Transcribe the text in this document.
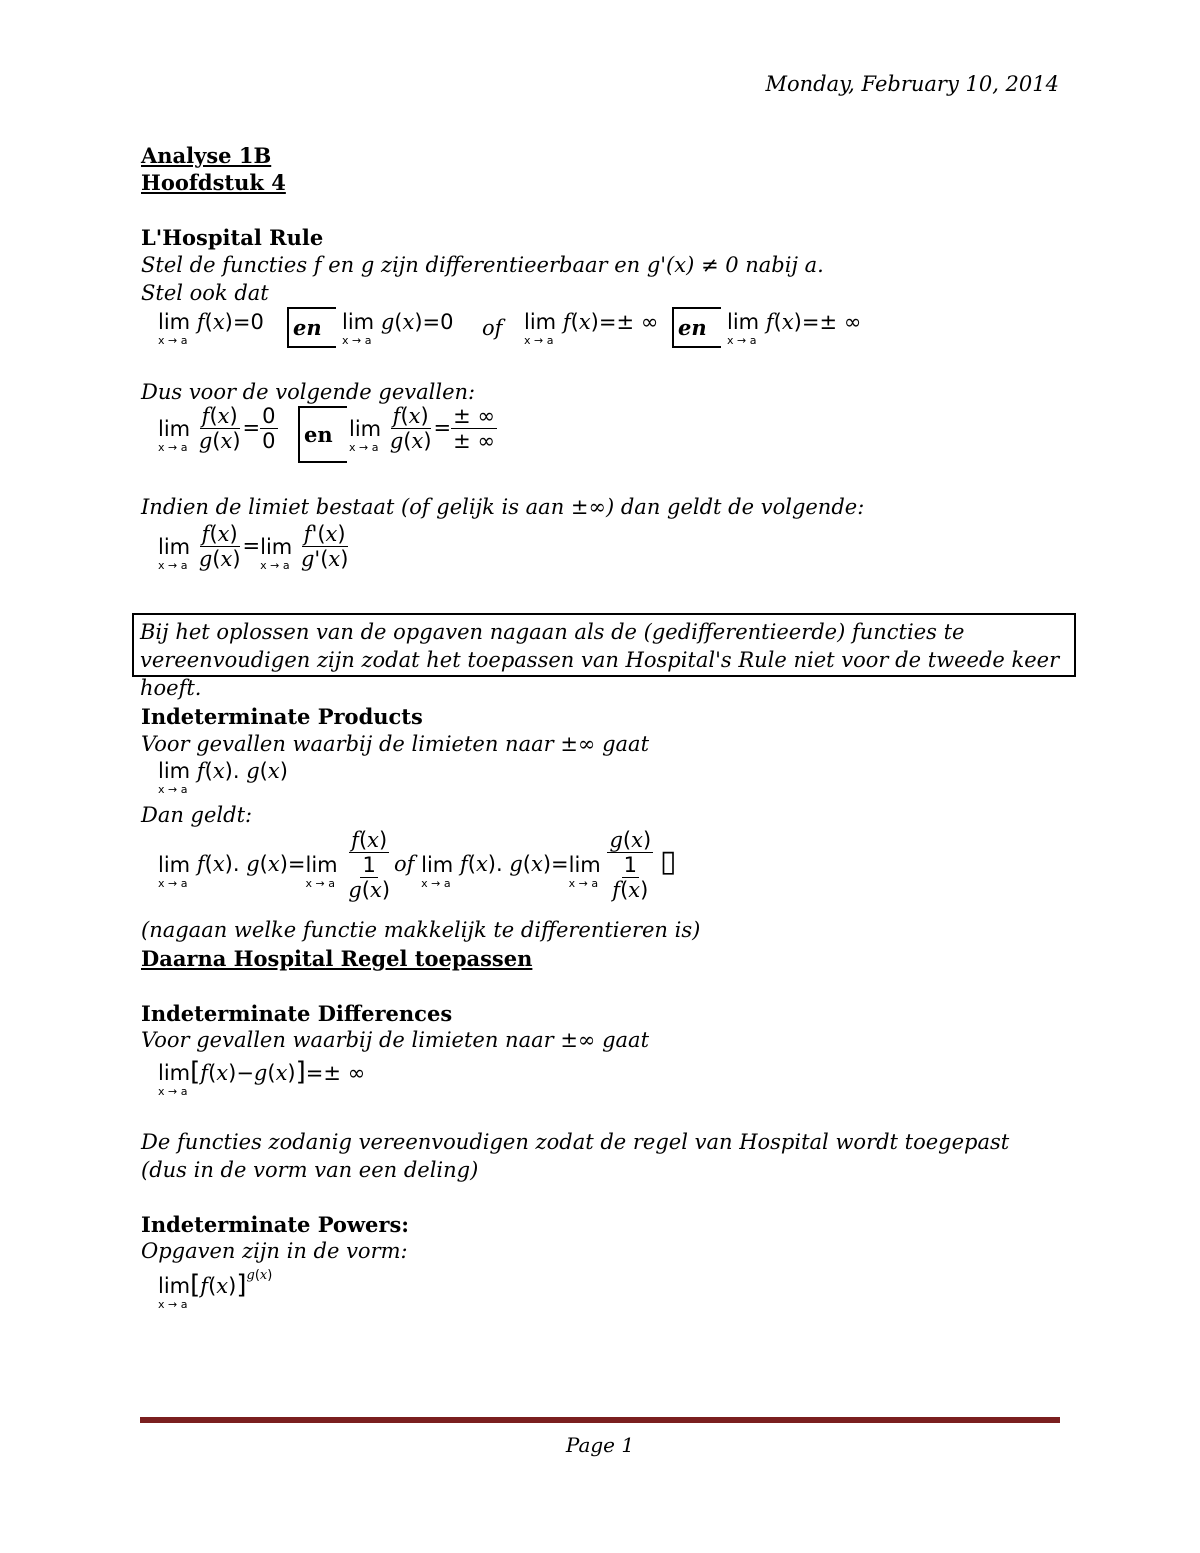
Monday, February 10, 2014
Analyse 1B
Hoofdstuk 4
L'Hospital Rule
Stel de functies f en g zijn differentieerbaar en g'(x) ≠ 0 nabij a.
Stel ook dat
lim
x → a
f(x)=0 en lim
x → a
g(x)=0 of lim
x → a
f(x)=± ∞ en lim
x → a
f(x)=± ∞
Dus voor de volgende gevallen:
lim
x → a
$\frac{f(x)}{g(x)} = \frac{0}{0}$ en lim
x → a
$\frac{f(x)}{g(x)} = \frac{\pm \infty}{\pm \infty}$
Indien de limiet bestaat (of gelijk is aan ±∞) dan geldt de volgende:
lim
x → a
$\frac{f(x)}{g(x)} =\lim$
x → a
$\frac{f'(x)}{g'(x)}$
Bij het oplossen van de opgaven nagaan als de (gedifferentieerde) functies te vereenvoudigen zijn zodat het toepassen van Hospital's Rule niet voor de tweede keer hoeft.
Indeterminate Products
Voor gevallen waarbij de limieten naar ±∞ gaat
lim
x → a
f(x). g(x)
Dan geldt:
lim
x → a
f(x). g(x)=lim
x → a
$\frac{f(x)}{\frac{1}{g(x)}}$ of lim
x → a
f(x). g(x)=lim
x → a
$\frac{g(x)}{\frac{1}{f(x)}}$ ▯
(nagaan welke functie makkelijk te differentieren is)
Daarna Hospital Regel toepassen
Indeterminate Differences
Voor gevallen waarbij de limieten naar ±∞ gaat
lim
x → a
[f(x)−g(x)]=± ∞
De functies zodanig vereenvoudigen zodat de regel van Hospital wordt toegepast (dus in de vorm van een deling)
Indeterminate Powers:
Opgaven zijn in de vorm:
lim
x → a
$[f(x)]^{g(x)}$
Page 1
